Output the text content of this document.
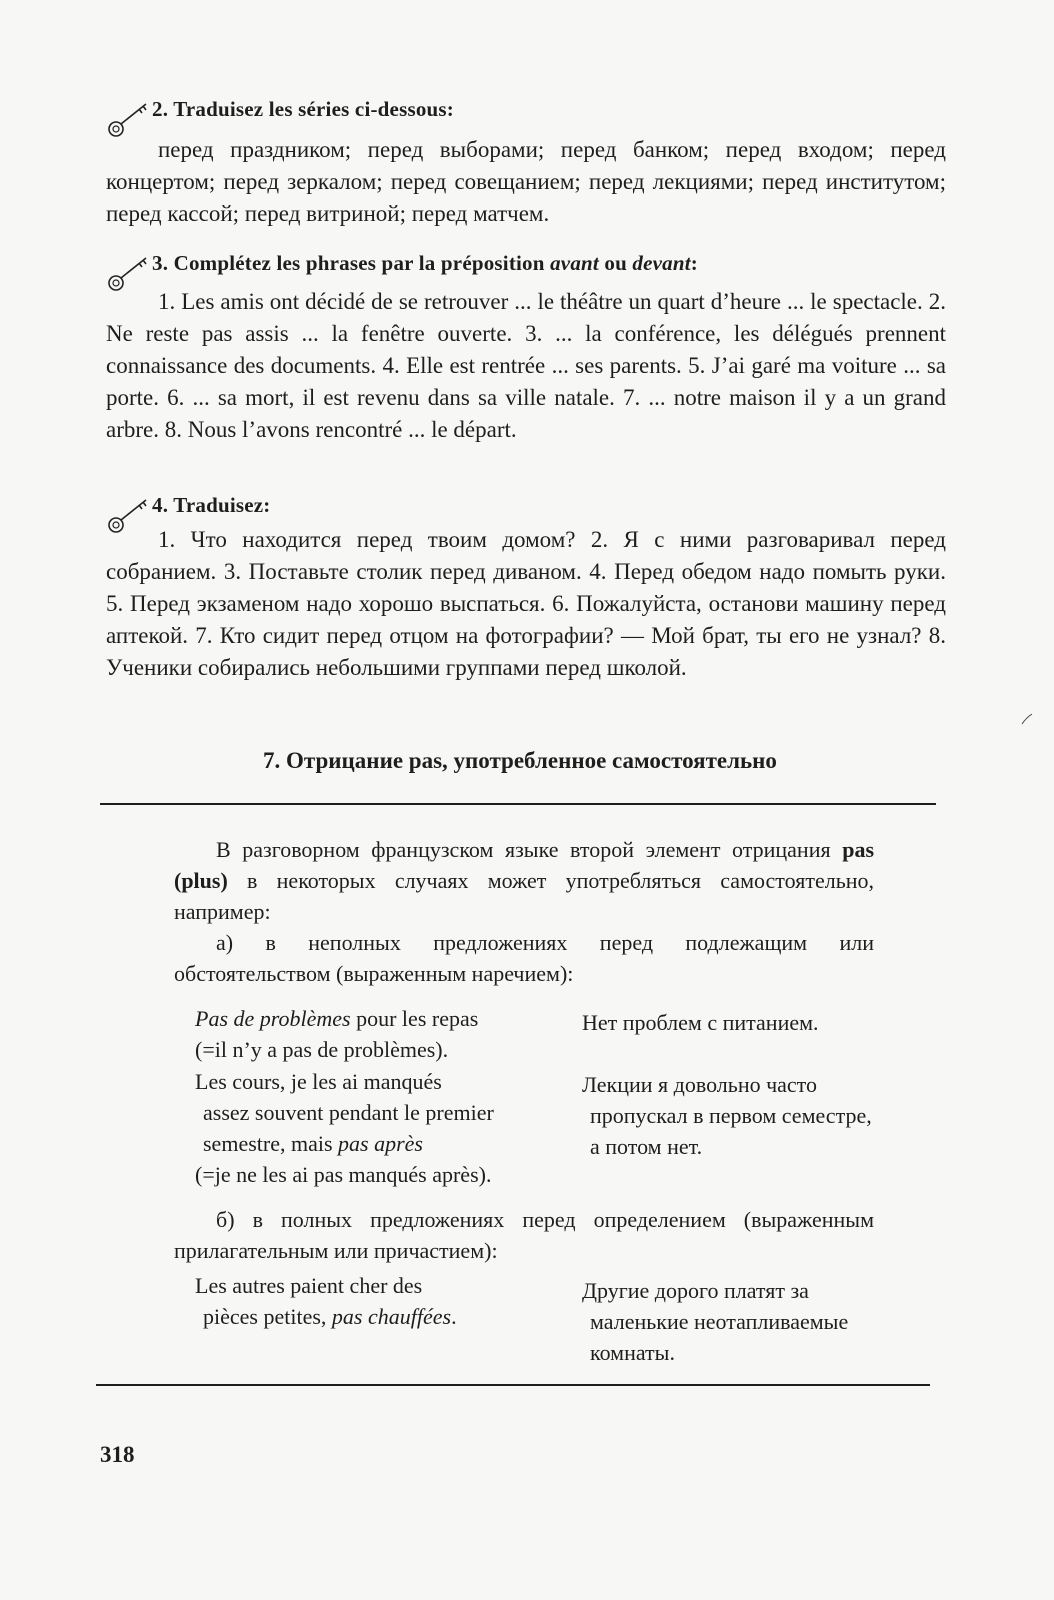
2. Traduisez les séries ci-dessous:

перед праздником; перед выборами; перед банком; перед входом; перед концертом; перед зеркалом; перед совещанием; перед лекциями; перед институтом; перед кассой; перед витриной; перед матчем.

3. Complétez les phrases par la préposition avant ou devant:

1. Les amis ont décidé de se retrouver ... le théâtre un quart d’heure ... le spectacle. 2. Ne reste pas assis ... la fenêtre ouverte. 3. ... la conférence, les délégués prennent connaissance des documents. 4. Elle est rentrée ... ses parents. 5. J’ai garé ma voiture ... sa porte. 6. ... sa mort, il est revenu dans sa ville natale. 7. ... notre maison il y a un grand arbre. 8. Nous l’avons rencontré ... le départ.

4. Traduisez:

1. Что находится перед твоим домом? 2. Я с ними разговаривал перед собранием. 3. Поставьте столик перед диваном. 4. Перед обедом надо помыть руки. 5. Перед экзаменом надо хорошо выспаться. 6. Пожалуйста, останови машину перед аптекой. 7. Кто сидит перед отцом на фотографии? — Мой брат, ты его не узнал? 8. Ученики собирались небольшими группами перед школой.

7. Отрицание pas, употребленное самостоятельно

В разговорном французском языке второй элемент отрицания pas (plus) в некоторых случаях может употребляться самостоятельно, например:

а) в неполных предложениях перед подлежащим или обстоятельством (выраженным наречием):

Pas de problèmes pour les repas
(=il n’y a pas de problèmes).
Нет проблем с питанием.
Les cours, je les ai manqués
assez souvent pendant le premier
semestre, mais pas après
(=je ne les ai pas manqués après).
Лекции я довольно часто
пропускал в первом семестре,
а потом нет.

б) в полных предложениях перед определением (выраженным прилагательным или причастием):

Les autres paient cher des
pièces petites, pas chauffées.
Другие дорого платят за
маленькие неотапливаемые
комнаты.
318
